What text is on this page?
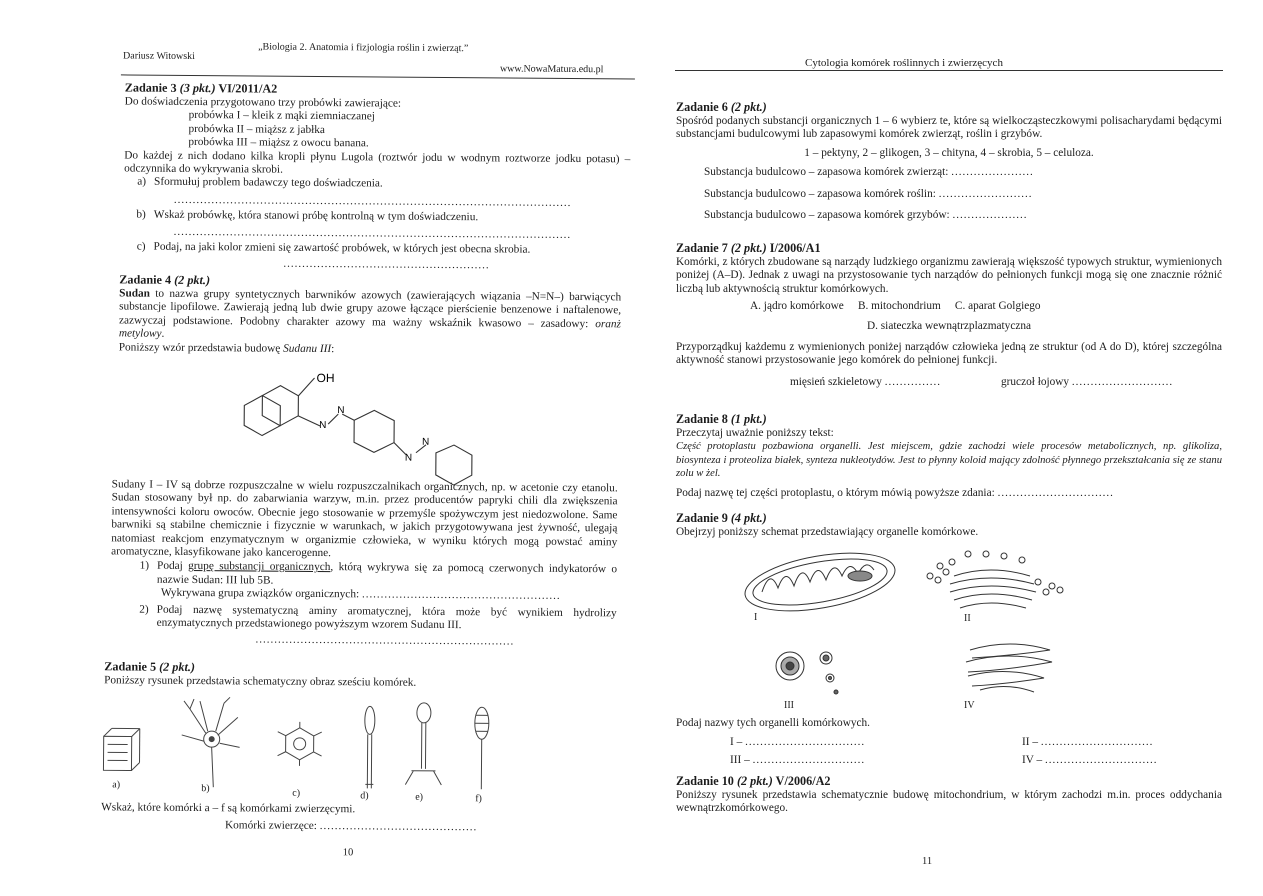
Dariusz Witowski
„Biologia 2. Anatomia i fizjologia roślin i zwierząt.”
www.NowaMatura.edu.pl

Zadanie 3 (3 pkt.) VI/2011/A2

Do doświadczenia przygotowano trzy probówki zawierające:

probówka I – kleik z mąki ziemniaczanej

probówka II – miąższ z jabłka

probówka III – miąższ z owocu banana.

Do każdej z nich dodano kilka kropli płynu Lugola (roztwór jodu w wodnym roztworze jodku potasu) – odczynnika do wykrywania skrobi.

a) Sformułuj problem badawczy tego doświadczenia.
..........................................................................................................
b) Wskaż probówkę, która stanowi próbę kontrolną w tym doświadczeniu.
..........................................................................................................
c) Podaj, na jaki kolor zmieni się zawartość probówek, w których jest obecna skrobia.
.......................................................

Zadanie 4 (2 pkt.)

Sudan to nazwa grupy syntetycznych barwników azowych (zawierających wiązania –N=N–) barwiących substancje lipofilowe. Zawierają jedną lub dwie grupy azowe łączące pierścienie benzenowe i naftalenowe, zazwyczaj podstawione. Podobny charakter azowy ma ważny wskaźnik kwasowo – zasadowy: oranż metylowy.

Poniższy wzór przedstawia budowę Sudanu III:

OH
N
N
N
N

Sudany I – IV są dobrze rozpuszczalne w wielu rozpuszczalnikach organicznych, np. w acetonie czy etanolu. Sudan stosowany był np. do zabarwiania warzyw, m.in. przez producentów papryki chili dla zwiększenia intensywności koloru owoców. Obecnie jego stosowanie w przemyśle spożywczym jest niedozwolone. Same barwniki są stabilne chemicznie i fizycznie w warunkach, w jakich przygotowywana jest żywność, ulegają natomiast reakcjom enzymatycznym w organizmie człowieka, w wyniku których mogą powstać aminy aromatyczne, klasyfikowane jako kancerogenne.

1) Podaj grupę substancji organicznych, którą wykrywa się za pomocą czerwonych indykatorów o nazwie Sudan: III lub 5B.
Wykrywana grupa związków organicznych: .....................................................
2) Podaj nazwę systematyczną aminy aromatycznej, która może być wynikiem hydrolizy enzymatycznych przedstawionego powyższym wzorem Sudanu III.
.....................................................................

Zadanie 5 (2 pkt.)

Poniższy rysunek przedstawia schematyczny obraz sześciu komórek.

a)	b)	c)	d)	e)	f)

Wskaż, które komórki a – f są komórkami zwierzęcymi.

Komórki zwierzęce: ..........................................
10
Cytologia komórek roślinnych i zwierzęcych

Zadanie 6 (2 pkt.)

Spośród podanych substancji organicznych 1 – 6 wybierz te, które są wielkocząsteczkowymi polisacharydami będącymi substancjami budulcowymi lub zapasowymi komórek zwierząt, roślin i grzybów.

1 – pektyny, 2 – glikogen, 3 – chityna, 4 – skrobia, 5 – celuloza.

Substancja budulcowo – zapasowa komórek zwierząt: ......................
Substancja budulcowo – zapasowa komórek roślin: .........................
Substancja budulcowo – zapasowa komórek grzybów: ....................

Zadanie 7 (2 pkt.) I/2006/A1

Komórki, z których zbudowane są narządy ludzkiego organizmu zawierają większość typowych struktur, wymienionych poniżej (A–D). Jednak z uwagi na przystosowanie tych narządów do pełnionych funkcji mogą się one znacznie różnić liczbą lub aktywnością struktur komórkowych.

A. jądro komórkowe B. mitochondrium C. aparat Golgiego

D. siateczka wewnątrzplazmatyczna

Przyporządkuj każdemu z wymienionych poniżej narządów człowieka jedną ze struktur (od A do D), której szczególna aktywność stanowi przystosowanie jego komórek do pełnionej funkcji.

mięsień szkieletowy ...............	gruczoł łojowy ...........................

Zadanie 8 (1 pkt.)

Przeczytaj uważnie poniższy tekst:

Część protoplastu pozbawiona organelli. Jest miejscem, gdzie zachodzi wiele procesów metabolicznych, np. glikoliza, biosynteza i proteoliza białek, synteza nukleotydów. Jest to płynny koloid mający zdolność płynnego przekształcania się ze stanu zolu w żel.

Podaj nazwę tej części protoplastu, o którym mówią powyższe zdania: ...............................

Zadanie 9 (4 pkt.)

Obejrzyj poniższy schemat przedstawiający organelle komórkowe.

I	II
III	IV

Podaj nazwy tych organelli komórkowych.

I – ................................	II – ..............................
III – ..............................	IV – ..............................

Zadanie 10 (2 pkt.) V/2006/A2

Poniższy rysunek przedstawia schematycznie budowę mitochondrium, w którym zachodzi m.in. proces oddychania wewnątrzkomórkowego.

11
